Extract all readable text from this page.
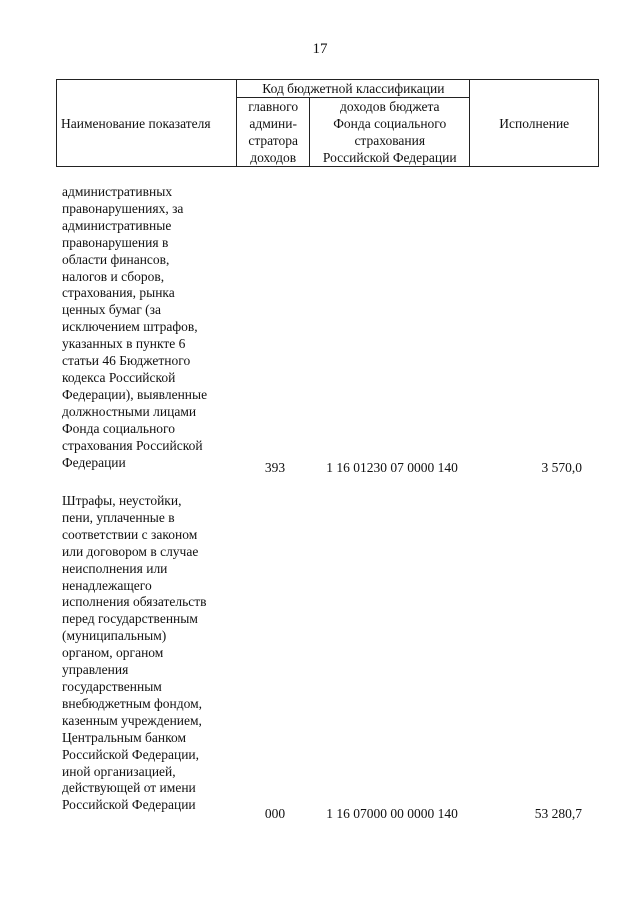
17
Наименование показателя	Код бюджетной классификации		Исполнение
	главного
админи-
стратора
доходов	доходов бюджета
Фонда социального
страхования
Российской Федерации	
административных
правонарушениях, за
административные
правонарушения в
области финансов,
налогов и сборов,
страхования, рынка
ценных бумаг (за
исключением штрафов,
указанных в пункте 6
статьи 46 Бюджетного
кодекса Российской
Федерации), выявленные
должностными лицами
Фонда социального
страхования Российской
Федерации	393	1 16 01230 07 0000 140	3 570,0
Штрафы, неустойки,
пени, уплаченные в
соответствии с законом
или договором в случае
неисполнения или
ненадлежащего
исполнения обязательств
перед государственным
(муниципальным)
органом, органом
управления
государственным
внебюджетным фондом,
казенным учреждением,
Центральным банком
Российской Федерации,
иной организацией,
действующей от имени
Российской Федерации
000	1 16 07000 00 0000 140	53 280,7
